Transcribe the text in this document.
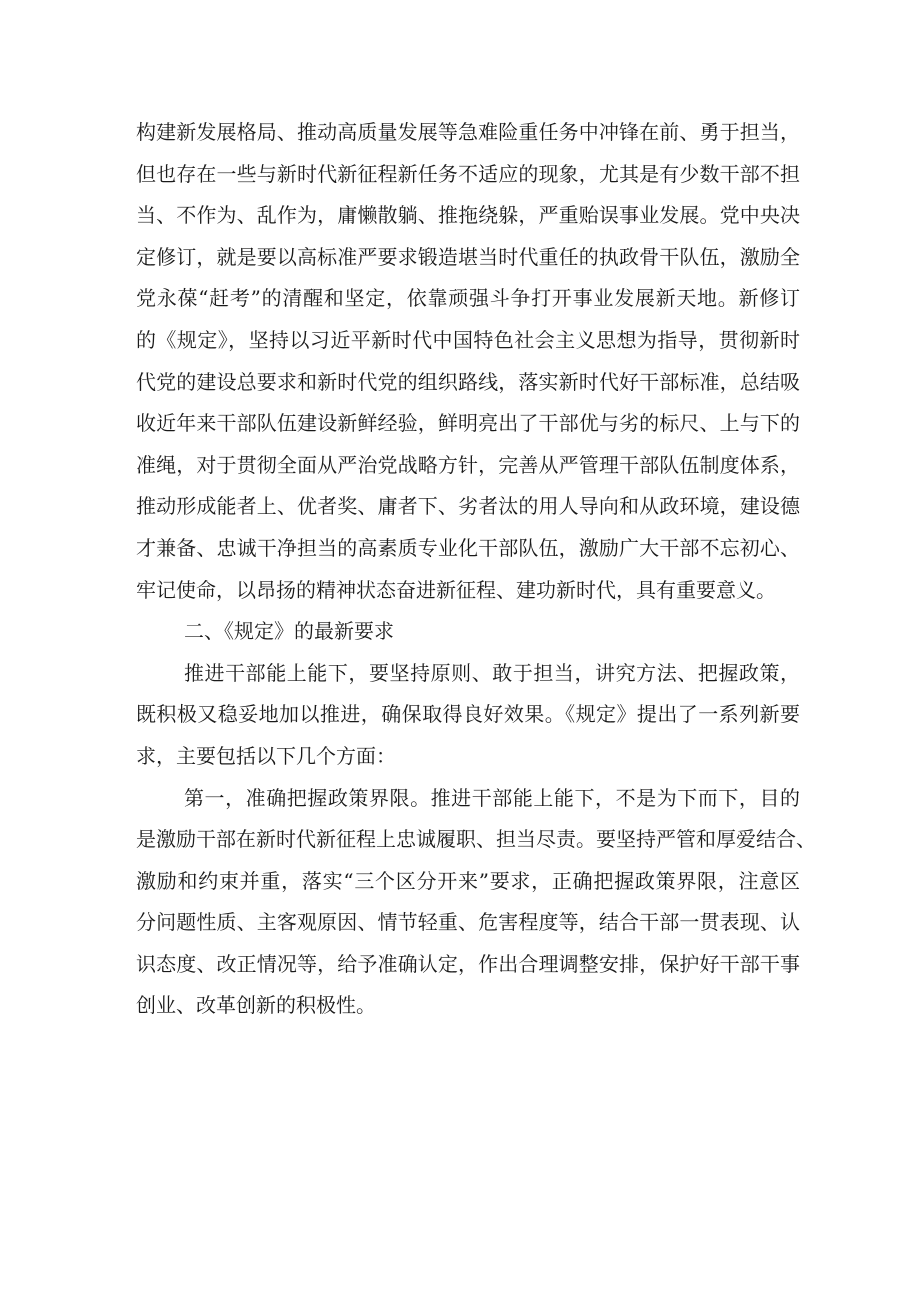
构建新发展格局、推动高质量发展等急难险重任务中冲锋在前、勇于担当，
但也存在一些与新时代新征程新任务不适应的现象，尤其是有少数干部不担
当、不作为、乱作为，庸懒散躺、推拖绕躲，严重贻误事业发展。党中央决
定修订，就是要以高标准严要求锻造堪当时代重任的执政骨干队伍，激励全
党永葆“赶考”的清醒和坚定，依靠顽强斗争打开事业发展新天地。新修订
的《规定》，坚持以习近平新时代中国特色社会主义思想为指导，贯彻新时
代党的建设总要求和新时代党的组织路线，落实新时代好干部标准，总结吸
收近年来干部队伍建设新鲜经验，鲜明亮出了干部优与劣的标尺、上与下的
准绳，对于贯彻全面从严治党战略方针，完善从严管理干部队伍制度体系，
推动形成能者上、优者奖、庸者下、劣者汰的用人导向和从政环境，建设德
才兼备、忠诚干净担当的高素质专业化干部队伍，激励广大干部不忘初心、
牢记使命，以昂扬的精神状态奋进新征程、建功新时代，具有重要意义。
二、《规定》的最新要求
推进干部能上能下，要坚持原则、敢于担当，讲究方法、把握政策，
既积极又稳妥地加以推进，确保取得良好效果。《规定》提出了一系列新要
求，主要包括以下几个方面：
第一，准确把握政策界限。推进干部能上能下，不是为下而下，目的
是激励干部在新时代新征程上忠诚履职、担当尽责。要坚持严管和厚爱结合、
激励和约束并重，落实“三个区分开来”要求，正确把握政策界限，注意区
分问题性质、主客观原因、情节轻重、危害程度等，结合干部一贯表现、认
识态度、改正情况等，给予准确认定，作出合理调整安排，保护好干部干事
创业、改革创新的积极性。
